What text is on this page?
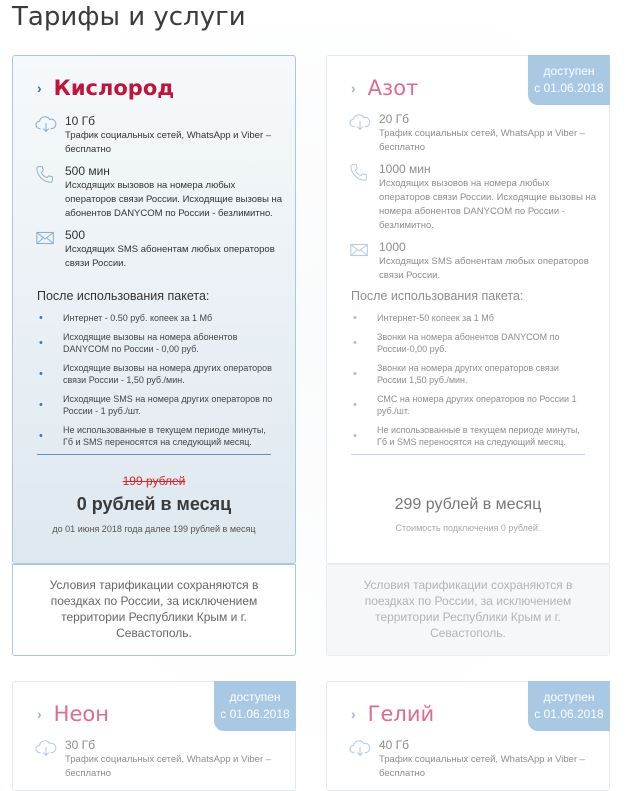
Тарифы и услуги
› Кислород
10 Гб
Трафик социальных сетей, WhatsApp и Viber – бесплатно
500 мин
Исходящих вызовов на номера любых операторов связи России. Исходящие вызовы на абонентов DANYCOM по России - безлимитно.
500
Исходящих SMS абонентам любых операторов связи России.
После использования пакета:
• Интернет - 0.50 руб. копеек за 1 Мб
• Исходящие вызовы на номера абонентов DANYCOM по России - 0,00 руб.
• Исходящие вызовы на номера других операторов связи России - 1,50 руб./мин.
• Исходящие SMS на номера других операторов по России - 1 руб./шт.
• Не использованные в текущем периоде минуты, Гб и SMS переносятся на следующий месяц.
199 рублей
0 рублей в месяц
до 01 июня 2018 года далее 199 рублей в месяц
Условия тарификации сохраняются в поездках по России, за исключением территории Республики Крым и г. Севастополь.
доступен
с 01.06.2018
› Азот
20 Гб
Трафик социальных сетей, WhatsApp и Viber – бесплатно
1000 мин
Исходящих вызовов на номера любых операторов связи России. Исходящие вызовы на номера абонентов DANYCOM по России - безлимитно.
1000
Исходящих SMS абонентам любых операторов связи России.
После использования пакета:
• Интернет-50 копеек за 1 Мб
• Звонки на номера абонентов DANYCOM по России-0,00 руб.
• Звонки на номера других операторов связи России 1,50 руб./мин.
• СМС на номера других операторов по России 1 руб./шт.
• Не использованные в текущем периоде минуты, Гб и SMS переносятся на следующий месяц.
299 рублей в месяц
Стоимость подключения 0 рублей.
Условия тарификации сохраняются в поездках по России, за исключением территории Республики Крым и г. Севастополь.
доступен
с 01.06.2018
› Неон
30 Гб
Трафик социальных сетей, WhatsApp и Viber – бесплатно
доступен
с 01.06.2018
› Гелий
40 Гб
Трафик социальных сетей, WhatsApp и Viber – бесплатно
